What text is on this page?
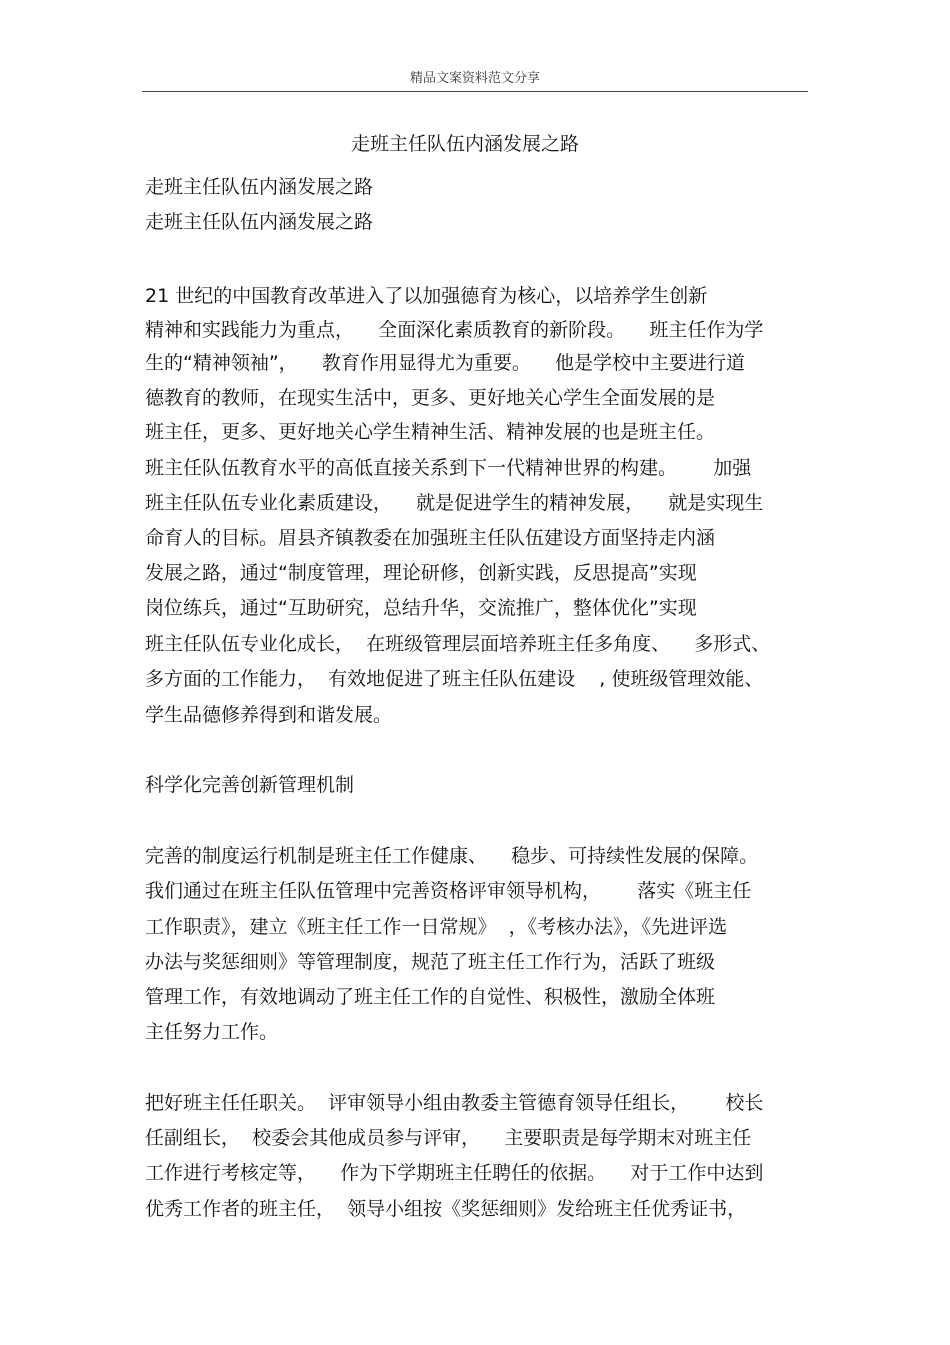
精品文案资料范文分享
走班主任队伍内涵发展之路
走班主任队伍内涵发展之路
走班主任队伍内涵发展之路
21 世纪的中国教育改革进入了以加强德育为核心，以培养学生创新
精神和实践能力为重点，    全面深化素质教育的新阶段。    班主任作为学
生的“精神领袖”，    教育作用显得尤为重要。    他是学校中主要进行道
德教育的教师，在现实生活中，更多、更好地关心学生全面发展的是
班主任，更多、更好地关心学生精神生活、精神发展的也是班主任。
班主任队伍教育水平的高低直接关系到下一代精神世界的构建。      加强
班主任队伍专业化素质建设，    就是促进学生的精神发展，    就是实现生
命育人的目标。眉县齐镇教委在加强班主任队伍建设方面坚持走内涵
发展之路，通过“制度管理，理论研修，创新实践，反思提高”实现
岗位练兵，通过“互助研究，总结升华，交流推广，整体优化”实现
班主任队伍专业化成长，  在班级管理层面培养班主任多角度、    多形式、
多方面的工作能力，  有效地促进了班主任队伍建设    , 使班级管理效能、
学生品德修养得到和谐发展。
科学化完善创新管理机制
完善的制度运行机制是班主任工作健康、    稳步、可持续性发展的保障。
我们通过在班主任队伍管理中完善资格评审领导机构，      落实《班主任
工作职责》，建立《班主任工作一日常规》  ，《考核办法》，《先进评选
办法与奖惩细则》等管理制度，规范了班主任工作行为，活跃了班级
管理工作，有效地调动了班主任工作的自觉性、积极性，激励全体班
主任努力工作。
把好班主任任职关。  评审领导小组由教委主管德育领导任组长，      校长
任副组长，  校委会其他成员参与评审，    主要职责是每学期末对班主任
工作进行考核定等，    作为下学期班主任聘任的依据。    对于工作中达到
优秀工作者的班主任，  领导小组按《奖惩细则》发给班主任优秀证书，
